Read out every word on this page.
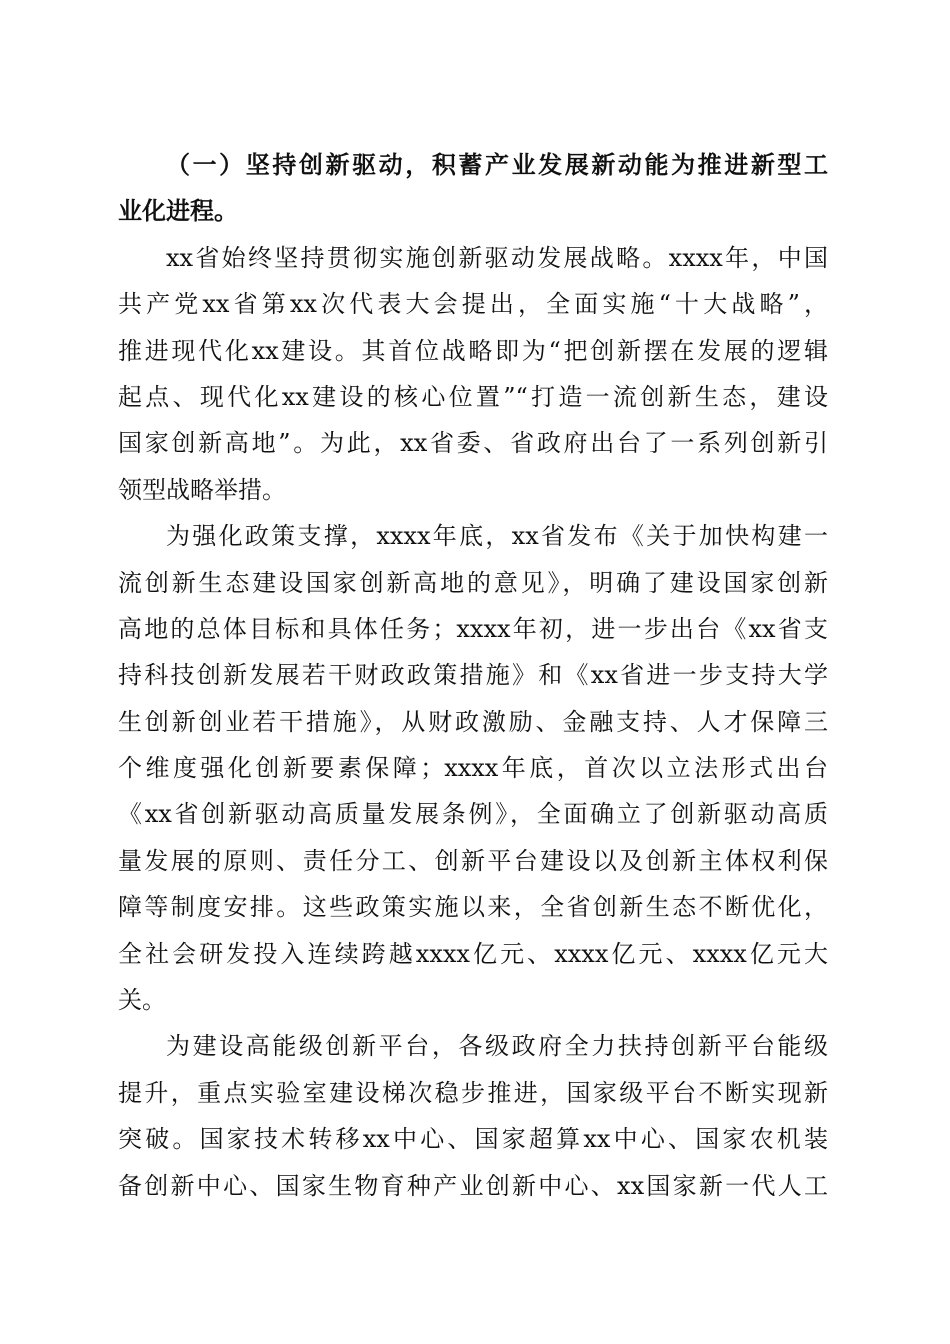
（一）坚持创新驱动，积蓄产业发展新动能为推进新型工
业化进程。
xx省始终坚持贯彻实施创新驱动发展战略。xxxx年，中国
共产党xx省第xx次代表大会提出，全面实施“十大战略”，
推进现代化xx建设。其首位战略即为“把创新摆在发展的逻辑
起点、现代化xx建设的核心位置”“打造一流创新生态，建设
国家创新高地”。为此，xx省委、省政府出台了一系列创新引
领型战略举措。
为强化政策支撑，xxxx年底，xx省发布《关于加快构建一
流创新生态建设国家创新高地的意见》，明确了建设国家创新
高地的总体目标和具体任务；xxxx年初，进一步出台《xx省支
持科技创新发展若干财政政策措施》和《xx省进一步支持大学
生创新创业若干措施》，从财政激励、金融支持、人才保障三
个维度强化创新要素保障；xxxx年底，首次以立法形式出台
《xx省创新驱动高质量发展条例》，全面确立了创新驱动高质
量发展的原则、责任分工、创新平台建设以及创新主体权利保
障等制度安排。这些政策实施以来，全省创新生态不断优化，
全社会研发投入连续跨越xxxx亿元、xxxx亿元、xxxx亿元大
关。
为建设高能级创新平台，各级政府全力扶持创新平台能级
提升，重点实验室建设梯次稳步推进，国家级平台不断实现新
突破。国家技术转移xx中心、国家超算xx中心、国家农机装
备创新中心、国家生物育种产业创新中心、xx国家新一代人工
